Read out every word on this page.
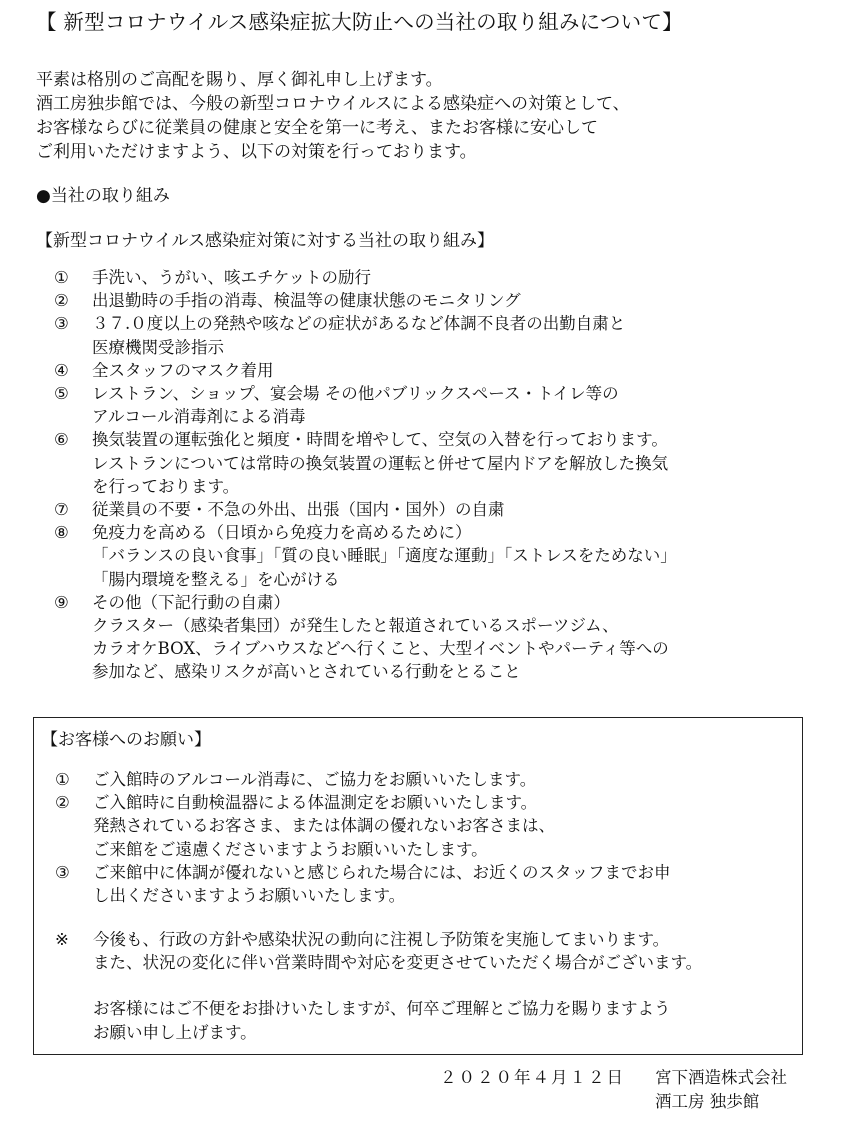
【 新型コロナウイルス感染症拡大防止への当社の取り組みについて】
平素は格別のご高配を賜り、厚く御礼申し上げます。
酒工房独歩館では、今般の新型コロナウイルスによる感染症への対策として、
お客様ならびに従業員の健康と安全を第一に考え、またお客様に安心して
ご利用いただけますよう、以下の対策を行っております。
●当社の取り組み
【新型コロナウイルス感染症対策に対する当社の取り組み】
①	手洗い、うがい、咳エチケットの励行
②	出退勤時の手指の消毒、検温等の健康状態のモニタリング
③	３７.０度以上の発熱や咳などの症状があるなど体調不良者の出勤自粛と
医療機関受診指示
④	全スタッフのマスク着用
⑤	レストラン、ショップ、宴会場 その他パブリックスペース・トイレ等の
アルコール消毒剤による消毒
⑥	換気装置の運転強化と頻度・時間を増やして、空気の入替を行っております。
レストランについては常時の換気装置の運転と併せて屋内ドアを解放した換気
を行っております。
⑦	従業員の不要・不急の外出、出張（国内・国外）の自粛
⑧	免疫力を高める（日頃から免疫力を高めるために）
「バランスの良い食事」「質の良い睡眠」「適度な運動」「ストレスをためない」
「腸内環境を整える」を心がける
⑨	その他（下記行動の自粛）
クラスター（感染者集団）が発生したと報道されているスポーツジム、
カラオケBOX、ライブハウスなどへ行くこと、大型イベントやパーティ等への
参加など、感染リスクが高いとされている行動をとること
【お客様へのお願い】
①	ご入館時のアルコール消毒に、ご協力をお願いいたします。
②	ご入館時に自動検温器による体温測定をお願いいたします。
発熱されているお客さま、または体調の優れないお客さまは、
ご来館をご遠慮くださいますようお願いいたします。
③	ご来館中に体調が優れないと感じられた場合には、お近くのスタッフまでお申
し出くださいますようお願いいたします。
※	今後も、行政の方針や感染状況の動向に注視し予防策を実施してまいります。
また、状況の変化に伴い営業時間や対応を変更させていただく場合がございます。
お客様にはご不便をお掛けいたしますが、何卒ご理解とご協力を賜りますよう
お願い申し上げます。
２０２０年４月１２日 宮下酒造株式会社
酒工房 独歩館
